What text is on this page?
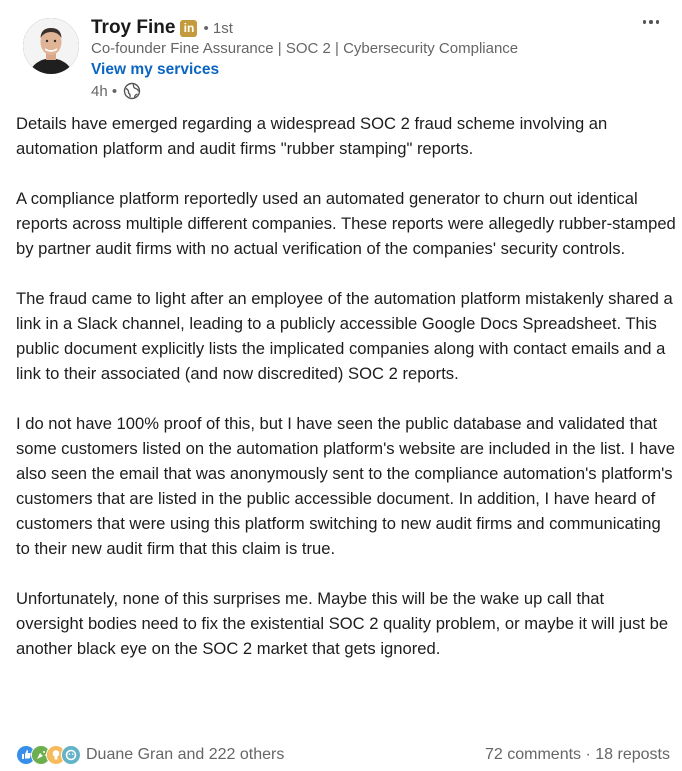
Troy Fine in • 1st
Co-founder Fine Assurance | SOC 2 | Cybersecurity Compliance
View my services
4h •

Details have emerged regarding a widespread SOC 2 fraud scheme involving an automation platform and audit firms "rubber stamping" reports.

A compliance platform reportedly used an automated generator to churn out identical reports across multiple different companies. These reports were allegedly rubber-stamped by partner audit firms with no actual verification of the companies' security controls.

The fraud came to light after an employee of the automation platform mistakenly shared a link in a Slack channel, leading to a publicly accessible Google Docs Spreadsheet. This public document explicitly lists the implicated companies along with contact emails and a link to their associated (and now discredited) SOC 2 reports.

I do not have 100% proof of this, but I have seen the public database and validated that some customers listed on the automation platform's website are included in the list. I have also seen the email that was anonymously sent to the compliance automation's platform's customers that are listed in the public accessible document. In addition, I have heard of customers that were using this platform switching to new audit firms and communicating to their new audit firm that this claim is true.

Unfortunately, none of this surprises me. Maybe this will be the wake up call that oversight bodies need to fix the existential SOC 2 quality problem, or maybe it will just be another black eye on the SOC 2 market that gets ignored.

Duane Gran and 222 others	72 comments · 18 reposts
